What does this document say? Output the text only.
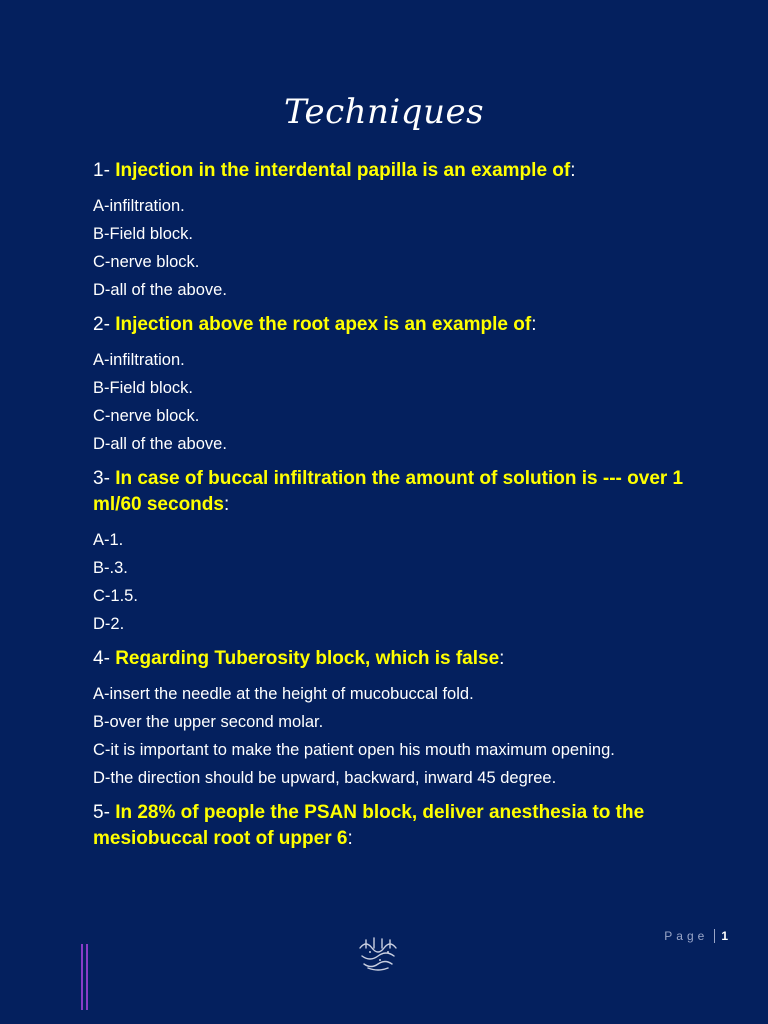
Techniques

1- Injection in the interdental papilla is an example of:

A-infiltration.
B-Field block.
C-nerve block.
D-all of the above.

2- Injection above the root apex is an example of:

A-infiltration.
B-Field block.
C-nerve block.
D-all of the above.

3- In case of buccal infiltration the amount of solution is --- over 1 ml/60 seconds:

A-1.
B-.3.
C-1.5.
D-2.

4- Regarding Tuberosity block, which is false:

A-insert the needle at the height of mucobuccal fold.
B-over the upper second molar.
C-it is important to make the patient open his mouth maximum opening.
D-the direction should be upward, backward, inward 45 degree.

5- In 28% of people the PSAN block, deliver anesthesia to the mesiobuccal root of upper 6:

Page	1
